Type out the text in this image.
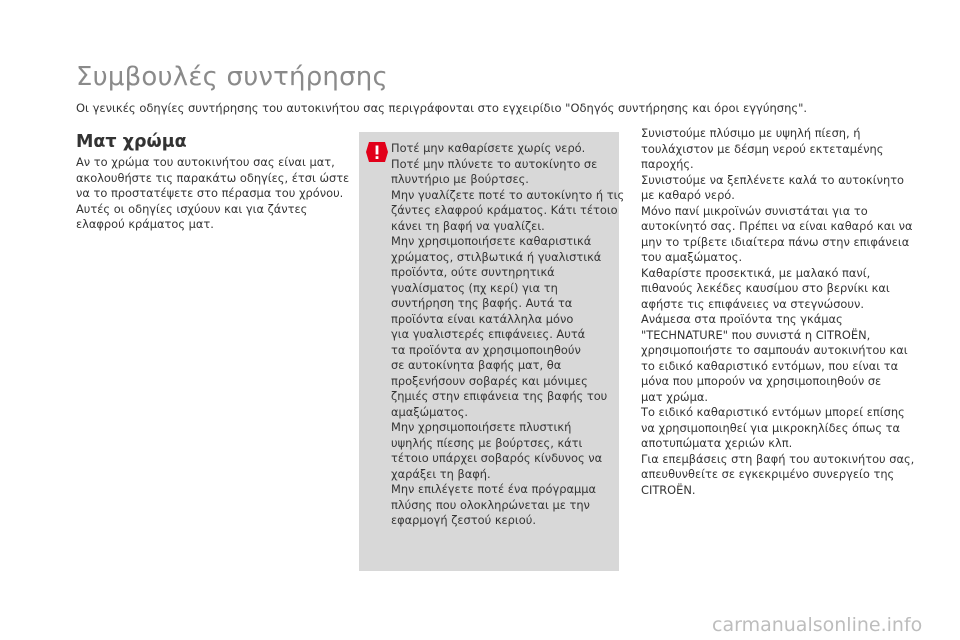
Συμβουλές συντήρησης

Οι γενικές οδηγίες συντήρησης του αυτοκινήτου σας περιγράφονται στο εγχειρίδιο "Οδηγός συντήρησης και όροι εγγύησης".

Ματ χρώμα
Αν το χρώμα του αυτοκινήτου σας είναι ματ,
ακολουθήστε τις παρακάτω οδηγίες, έτσι ώστε
να το προστατέψετε στο πέρασμα του χρόνου.
Αυτές οι οδηγίες ισχύουν και για ζάντες
ελαφρού κράματος ματ.
Ποτέ μην καθαρίσετε χωρίς νερό.
Ποτέ μην πλύνετε το αυτοκίνητο σε
πλυντήριο με βούρτσες.
Μην γυαλίζετε ποτέ το αυτοκίνητο ή τις
ζάντες ελαφρού κράματος. Κάτι τέτοιο
κάνει τη βαφή να γυαλίζει.
Μην χρησιμοποιήσετε καθαριστικά
χρώματος, στιλβωτικά ή γυαλιστικά
προϊόντα, ούτε συντηρητικά
γυαλίσματος (πχ κερί) για τη
συντήρηση της βαφής. Αυτά τα
προϊόντα είναι κατάλληλα μόνο
για γυαλιστερές επιφάνειες. Αυτά
τα προϊόντα αν χρησιμοποιηθούν
σε αυτοκίνητα βαφής ματ, θα
προξενήσουν σοβαρές και μόνιμες
ζημιές στην επιφάνεια της βαφής του
αμαξώματος.
Μην χρησιμοποιήσετε πλυστική
υψηλής πίεσης με βούρτσες, κάτι
τέτοιο υπάρχει σοβαρός κίνδυνος να
χαράξει τη βαφή.
Μην επιλέγετε ποτέ ένα πρόγραμμα
πλύσης που ολοκληρώνεται με την
εφαρμογή ζεστού κεριού.
Συνιστούμε πλύσιμο με υψηλή πίεση, ή
τουλάχιστον με δέσμη νερού εκτεταμένης
παροχής.
Συνιστούμε να ξεπλένετε καλά το αυτοκίνητο
με καθαρό νερό.
Μόνο πανί μικροϊνών συνιστάται για το
αυτοκίνητό σας. Πρέπει να είναι καθαρό και να
μην το τρίβετε ιδιαίτερα πάνω στην επιφάνεια
του αμαξώματος.
Καθαρίστε προσεκτικά, με μαλακό πανί,
πιθανούς λεκέδες καυσίμου στο βερνίκι και
αφήστε τις επιφάνειες να στεγνώσουν.
Ανάμεσα στα προϊόντα της γκάμας
"TECHNATURE" που συνιστά η CITROËN,
χρησιμοποιήστε το σαμπουάν αυτοκινήτου και
το ειδικό καθαριστικό εντόμων, που είναι τα
μόνα που μπορούν να χρησιμοποιηθούν σε
ματ χρώμα.
Το ειδικό καθαριστικό εντόμων μπορεί επίσης
να χρησιμοποιηθεί για μικροκηλίδες όπως τα
αποτυπώματα χεριών κλπ.
Για επεμβάσεις στη βαφή του αυτοκινήτου σας,
απευθυνθείτε σε εγκεκριμένο συνεργείο της
CITROËN.
carmanualsonline.info
